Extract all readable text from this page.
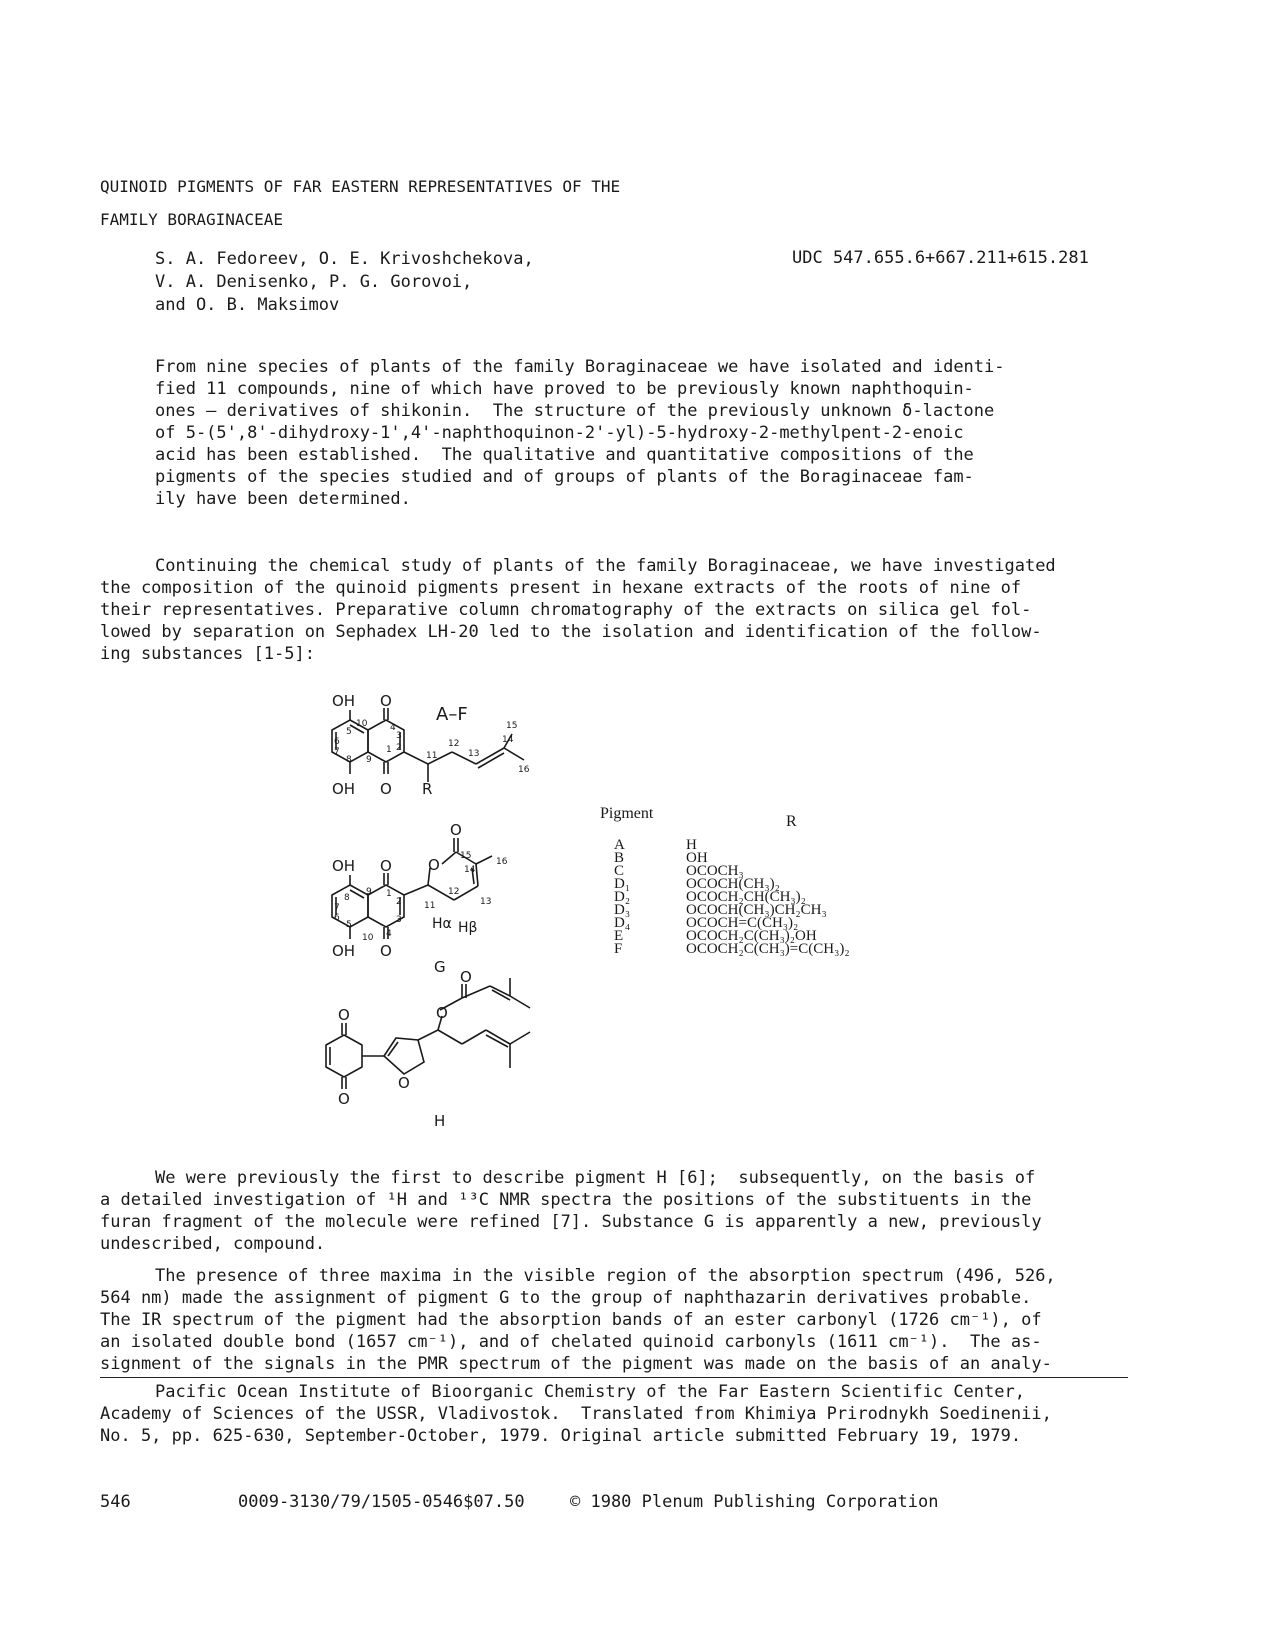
QUINOID PIGMENTS OF FAR EASTERN REPRESENTATIVES OF THE
FAMILY BORAGINACEAE
S. A. Fedoreev, O. E. Krivoshchekova,
V. A. Denisenko, P. G. Gorovoi,
and O. B. Maksimov
UDC 547.655.6+667.211+615.281
From nine species of plants of the family Boraginaceae we have isolated and identi-
fied 11 compounds, nine of which have proved to be previously known naphthoquin-
ones — derivatives of shikonin.  The structure of the previously unknown δ-lactone
of 5-(5',8'-dihydroxy-1',4'-naphthoquinon-2'-yl)-5-hydroxy-2-methylpent-2-enoic
acid has been established.  The qualitative and quantitative compositions of the
pigments of the species studied and of groups of plants of the Boraginaceae fam-
ily have been determined.
Continuing the chemical study of plants of the family Boraginaceae, we have investigated
the composition of the quinoid pigments present in hexane extracts of the roots of nine of
their representatives. Preparative column chromatography of the extracts on silica gel fol-
lowed by separation on Sephadex LH-20 led to the isolation and identification of the follow-
ing substances [1-5]:
OH O
A–F
OH O R
10
5	4
3
6
7
8 9
1 2
11
12
13
14
15
16
O
O
OH O
OH O
Hα Hβ
G
15
16
14
12
13
11
9
8
7
6
5
10 4
3
1
2
O
O
O
O
O
H
Pigment	R
A	H
B	OH
C	OCOCH₃
D₁	OCOCH(CH₃)₂
D₂	OCOCH₂CH(CH₃)₂
D₃	OCOCH(CH₃)CH₂CH₃
D₄	OCOCH=C(CH₃)₂
E	OCOCH₂C(CH₃)₂OH
F	OCOCH₂C(CH₃)=C(CH₃)₂
We were previously the first to describe pigment H [6];  subsequently, on the basis of
a detailed investigation of ¹H and ¹³C NMR spectra the positions of the substituents in the
furan fragment of the molecule were refined [7]. Substance G is apparently a new, previously
undescribed, compound.
The presence of three maxima in the visible region of the absorption spectrum (496, 526,
564 nm) made the assignment of pigment G to the group of naphthazarin derivatives probable.
The IR spectrum of the pigment had the absorption bands of an ester carbonyl (1726 cm⁻¹), of
an isolated double bond (1657 cm⁻¹), and of chelated quinoid carbonyls (1611 cm⁻¹).  The as-
signment of the signals in the PMR spectrum of the pigment was made on the basis of an analy-
Pacific Ocean Institute of Bioorganic Chemistry of the Far Eastern Scientific Center,
Academy of Sciences of the USSR, Vladivostok.  Translated from Khimiya Prirodnykh Soedinenii,
No. 5, pp. 625-630, September-October, 1979. Original article submitted February 19, 1979.
546	0009-3130/79/1505-0546$07.50	© 1980 Plenum Publishing Corporation
